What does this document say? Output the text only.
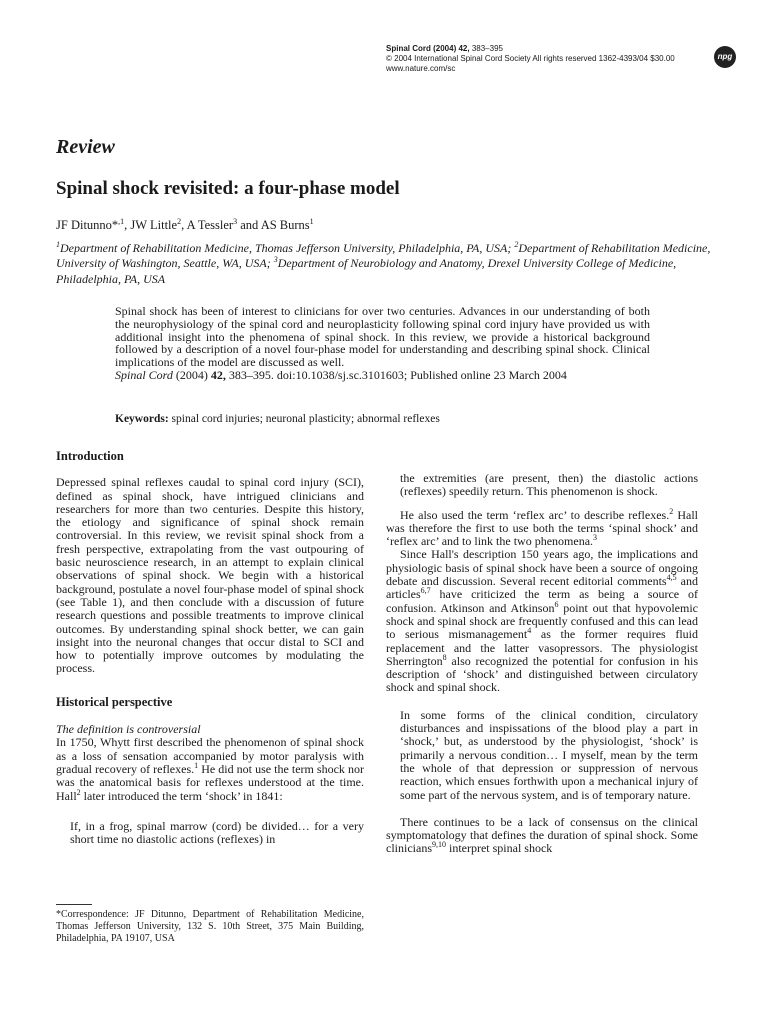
Spinal Cord (2004) 42, 383–395
© 2004 International Spinal Cord Society All rights reserved 1362-4393/04 $30.00
www.nature.com/sc
npg
Review
Spinal shock revisited: a four-phase model
JF Ditunno*$^{,1}$, JW Little$^2$, A Tessler$^3$ and AS Burns$^1$
$^1$Department of Rehabilitation Medicine, Thomas Jefferson University, Philadelphia, PA, USA; $^2$Department of Rehabilitation Medicine, University of Washington, Seattle, WA, USA; $^3$Department of Neurobiology and Anatomy, Drexel University College of Medicine, Philadelphia, PA, USA
Spinal shock has been of interest to clinicians for over two centuries. Advances in our understanding of both the neurophysiology of the spinal cord and neuroplasticity following spinal cord injury have provided us with additional insight into the phenomena of spinal shock. In this review, we provide a historical background followed by a description of a novel four-phase model for understanding and describing spinal shock. Clinical implications of the model are discussed as well.
Spinal Cord (2004) 42, 383–395. doi:10.1038/sj.sc.3101603; Published online 23 March 2004
Keywords: spinal cord injuries; neuronal plasticity; abnormal reflexes

Introduction

Depressed spinal reflexes caudal to spinal cord injury (SCI), defined as spinal shock, have intrigued clinicians and researchers for more than two centuries. Despite this history, the etiology and significance of spinal shock remain controversial. In this review, we revisit spinal shock from a fresh perspective, extrapolating from the vast outpouring of basic neuroscience research, in an attempt to explain clinical observations of spinal shock. We begin with a historical background, postulate a novel four-phase model of spinal shock (see Table 1), and then conclude with a discussion of future research questions and possible treatments to improve clinical outcomes. By understanding spinal shock better, we can gain insight into the neuronal changes that occur distal to SCI and how to potentially improve outcomes by modulating the process.

Historical perspective

The definition is controversial

In 1750, Whytt first described the phenomenon of spinal shock as a loss of sensation accompanied by motor paralysis with gradual recovery of reflexes.$^1$ He did not use the term shock nor was the anatomical basis for reflexes understood at the time. Hall$^2$ later introduced the term ‘shock’ in 1841:

If, in a frog, spinal marrow (cord) be divided… for a very short time no diastolic actions (reflexes) in

the extremities (are present, then) the diastolic actions (reflexes) speedily return. This phenomenon is shock.

He also used the term ‘reflex arc’ to describe reflexes.$^2$ Hall was therefore the first to use both the terms ‘spinal shock’ and ‘reflex arc’ and to link the two phenomena.$^3$

Since Hall's description 150 years ago, the implications and physiologic basis of spinal shock have been a source of ongoing debate and discussion. Several recent editorial comments$^{4,5}$ and articles$^{6,7}$ have criticized the term as being a source of confusion. Atkinson and Atkinson$^6$ point out that hypovolemic shock and spinal shock are frequently confused and this can lead to serious mismanagement$^4$ as the former requires fluid replacement and the latter vasopressors. The physiologist Sherrington$^8$ also recognized the potential for confusion in his description of ‘shock’ and distinguished between circulatory shock and spinal shock.

In some forms of the clinical condition, circulatory disturbances and inspissations of the blood play a part in ‘shock,’ but, as understood by the physiologist, ‘shock’ is primarily a nervous condition… I myself, mean by the term the whole of that depression or suppression of nervous reaction, which ensues forthwith upon a mechanical injury of some part of the nervous system, and is of temporary nature.

There continues to be a lack of consensus on the clinical symptomatology that defines the duration of spinal shock. Some clinicians$^{9,10}$ interpret spinal shock

*Correspondence: JF Ditunno, Department of Rehabilitation Medicine, Thomas Jefferson University, 132 S. 10th Street, 375 Main Building, Philadelphia, PA 19107, USA
